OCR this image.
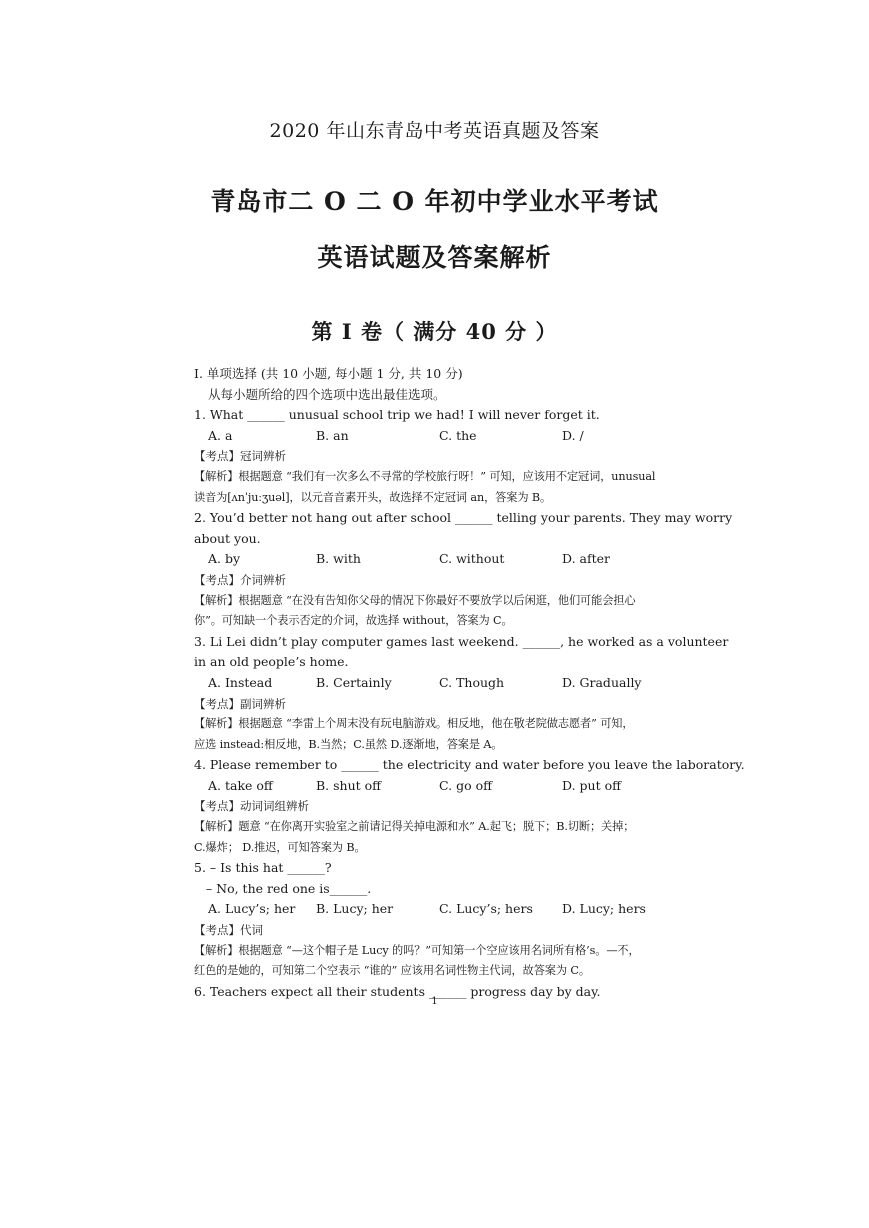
2020 年山东青岛中考英语真题及答案
青岛市二 O 二 O 年初中学业水平考试
英语试题及答案解析
第 I 卷（ 满分 40 分 ）
I. 单项选择 (共 10 小题, 每小题 1 分, 共 10 分)
从每小题所给的四个选项中选出最佳选项。
1. What ______ unusual school trip we had! I will never forget it.
A. a	B. an	C. the	D. /
【考点】冠词辨析
【解析】根据题意 “我们有一次多么不寻常的学校旅行呀！” 可知，应该用不定冠词，unusual
读音为[ʌnˈjuːʒuəl]，以元音音素开头，故选择不定冠词 an，答案为 B。
2. You’d better not hang out after school ______ telling your parents. They may worry
about you.
A. by	B. with	C. without	D. after
【考点】介词辨析
【解析】根据题意 “在没有告知你父母的情况下你最好不要放学以后闲逛，他们可能会担心
你”。可知缺一个表示否定的介词，故选择 without，答案为 C。
3. Li Lei didn’t play computer games last weekend. ______, he worked as a volunteer
in an old people’s home.
A. Instead	B. Certainly	C. Though	D. Gradually
【考点】副词辨析
【解析】根据题意 “李雷上个周末没有玩电脑游戏。相反地，他在敬老院做志愿者” 可知，
应选 instead:相反地，B.当然；C.虽然 D.逐渐地，答案是 A。
4. Please remember to ______ the electricity and water before you leave the laboratory.
A. take off	B. shut off	C. go off	D. put off
【考点】动词词组辨析
【解析】题意 “在你离开实验室之前请记得关掉电源和水” A.起飞；脱下；B.切断；关掉；
C.爆炸； D.推迟，可知答案为 B。
5. – Is this hat ______?
– No, the red one is______.
A. Lucy’s; her	B. Lucy; her	C. Lucy’s; hers	D. Lucy; hers
【考点】代词
【解析】根据题意 “—这个帽子是 Lucy 的吗？”可知第一个空应该用名词所有格’s。—不，
红色的是她的，可知第二个空表示 “谁的” 应该用名词性物主代词，故答案为 C。
6. Teachers expect all their students ______ progress day by day.
1
